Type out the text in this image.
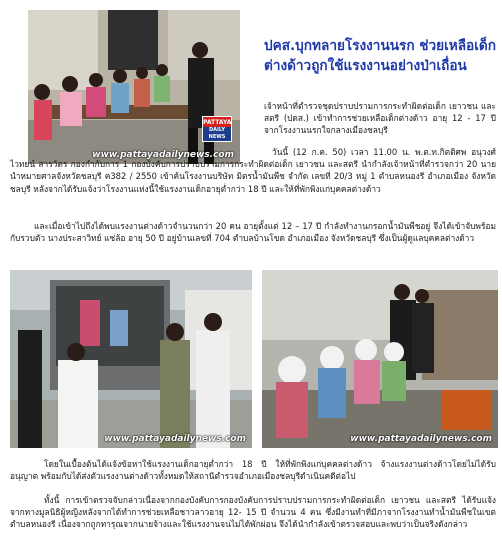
PATTAYA
DAILY NEWS
www.pattayadailynews.com
ปคส.บุกทลายโรงงานนรก ช่วยเหลือเด็กต่างด้าวถูกใช้แรงงานอย่างป่าเถื่อน

เจ้าหน้าที่ตำรวจชุดปราบปรามการกระทำผิดต่อเด็ก เยาวชน และสตรี (ปดส.) เข้าทำการช่วยเหลือเด็กต่างด้าว อายุ 12 - 17 ปี จากโรงงานนรกใจกลางเมืองชลบุรี

วันนี้ (12 ก.ค. 50) เวลา 11.00 น. พ.ต.ท.กิตติศพ อนุวงศ์ไวทยน์ สารวัตร กองกำกับการ 1 กองบังคับการปราบปรามการกระทำผิดต่อเด็ก เยาวชน และสตรี นำกำลังเจ้าหน้าที่ตำรวจกว่า 20 นาย นำหมายศาลจังหวัดชลบุรี ค382 / 2550 เข้าค้นโรงงานบริษัท มิตรน้ำมันพืช จำกัด เลขที่ 20/3 หมู่ 1 ตำบลหนองรี อำเภอเมือง จังหวัดชลบุรี หลังจากได้รับแจ้งว่าโรงงานแห่งนี้ใช้แรงงานเด็กอายุต่ำกว่า 18 ปี และให้ที่พักพิงแก่บุคคลต่างด้าว

และเมื่อเข้าไปถึงได้พบแรงงานต่างด้าวจำนวนกว่า 20 คน อายุตั้งแต่ 12 – 17 ปี กำลังทำงานกรอกน้ำมันพืชอยู่ จึงได้เข้าจับพร้อมกับรวบตัว นางประสาวิทย์ แซ่ล้อ อายุ 50 ปี อยู่บ้านเลขที่ 704 ตำบลบ้านโขด อำเภอเมือง จังหวัดชลบุรี ซึ่งเป็นผู้ดูแลบุคคลต่างด้าว

www.pattayadailynews.com	www.pattayadailynews.com

โดยในเบื้องต้นได้แจ้งข้อหาใช้แรงงานเด็กอายุต่ำกว่า 18 ปี ให้ที่พักพิงแก่บุคคลต่างด้าว จ้างแรงงานต่างด้าวโดยไม่ได้รับอนุญาต พร้อมกับได้ส่งตัวแรงงานต่างด้าวทั้งหมดให้สถานีตำรวจอำเภอเมืองชลบุรีดำเนินคดีต่อไป

ทั้งนี้ การเข้าตรวจจับกล่าวเนื่องจากกองบังคับการกองบังคับการปราบปรามการกระทำผิดต่อเด็ก เยาวชน และสตรี ได้รับแจ้งจากทางมูลนิธิผู้หญิงหลังจากได้ทำการช่วยเหลือชาวลาวอายุ 12- 15 ปี จำนวน 4 คน ซึ่งมีงานทำที่มีภาจากโรงงานทำน้ำมันพืชในเขตตำบลหนองรี เนื่องจากถูกทารุณจากนายจ้างและใช้แรงงานจนไม่ได้พักผ่อน จึงได้นำกำลังเข้าตรวจสอบและพบว่าเป็นจริงดังกล่าว
